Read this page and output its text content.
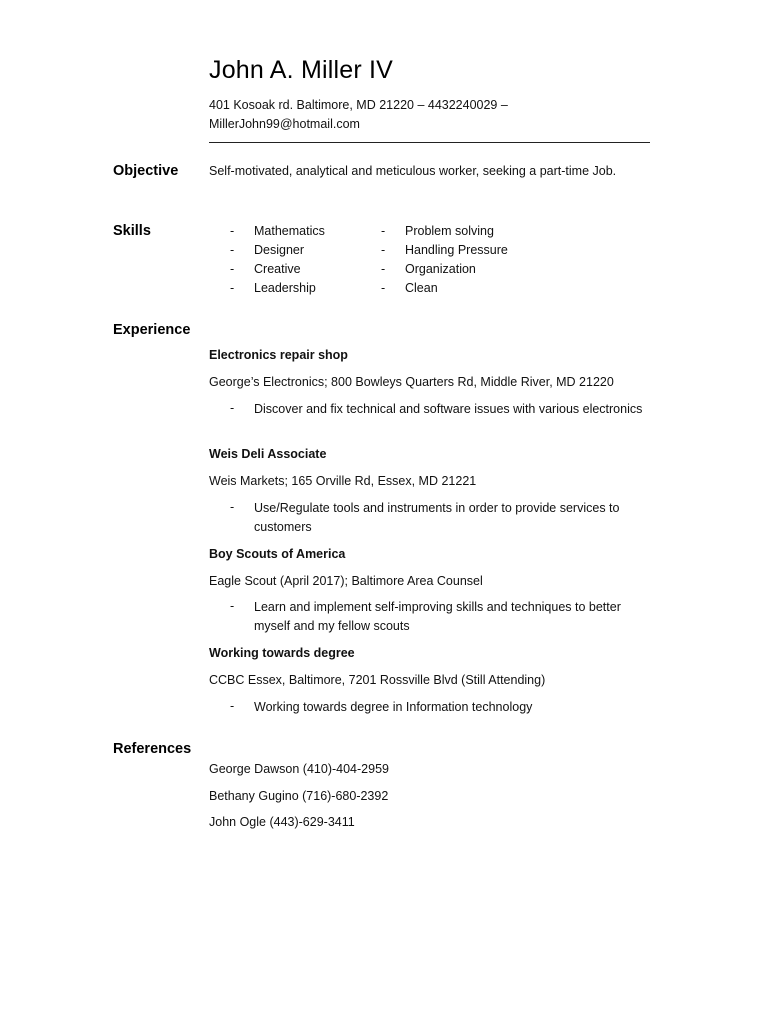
John A. Miller IV
401 Kosoak rd. Baltimore, MD 21220 – 4432240029 – MillerJohn99@hotmail.com
Objective Self-motivated, analytical and meticulous worker, seeking a part-time Job.
Skills	- Mathematics	- Problem solving
- Designer	- Handling Pressure
- Creative	- Organization
- Leadership	- Clean
Experience
Electronics repair shop
George’s Electronics; 800 Bowleys Quarters Rd, Middle River, MD 21220
- Discover and fix technical and software issues with various electronics
Weis Deli Associate
Weis Markets; 165 Orville Rd, Essex, MD 21221
- Use/Regulate tools and instruments in order to provide services to customers
Boy Scouts of America
Eagle Scout (April 2017); Baltimore Area Counsel
- Learn and implement self-improving skills and techniques to better myself and my fellow scouts
Working towards degree
CCBC Essex, Baltimore, 7201 Rossville Blvd (Still Attending)
- Working towards degree in Information technology
References
George Dawson (410)-404-2959
Bethany Gugino (716)-680-2392
John Ogle (443)-629-3411
